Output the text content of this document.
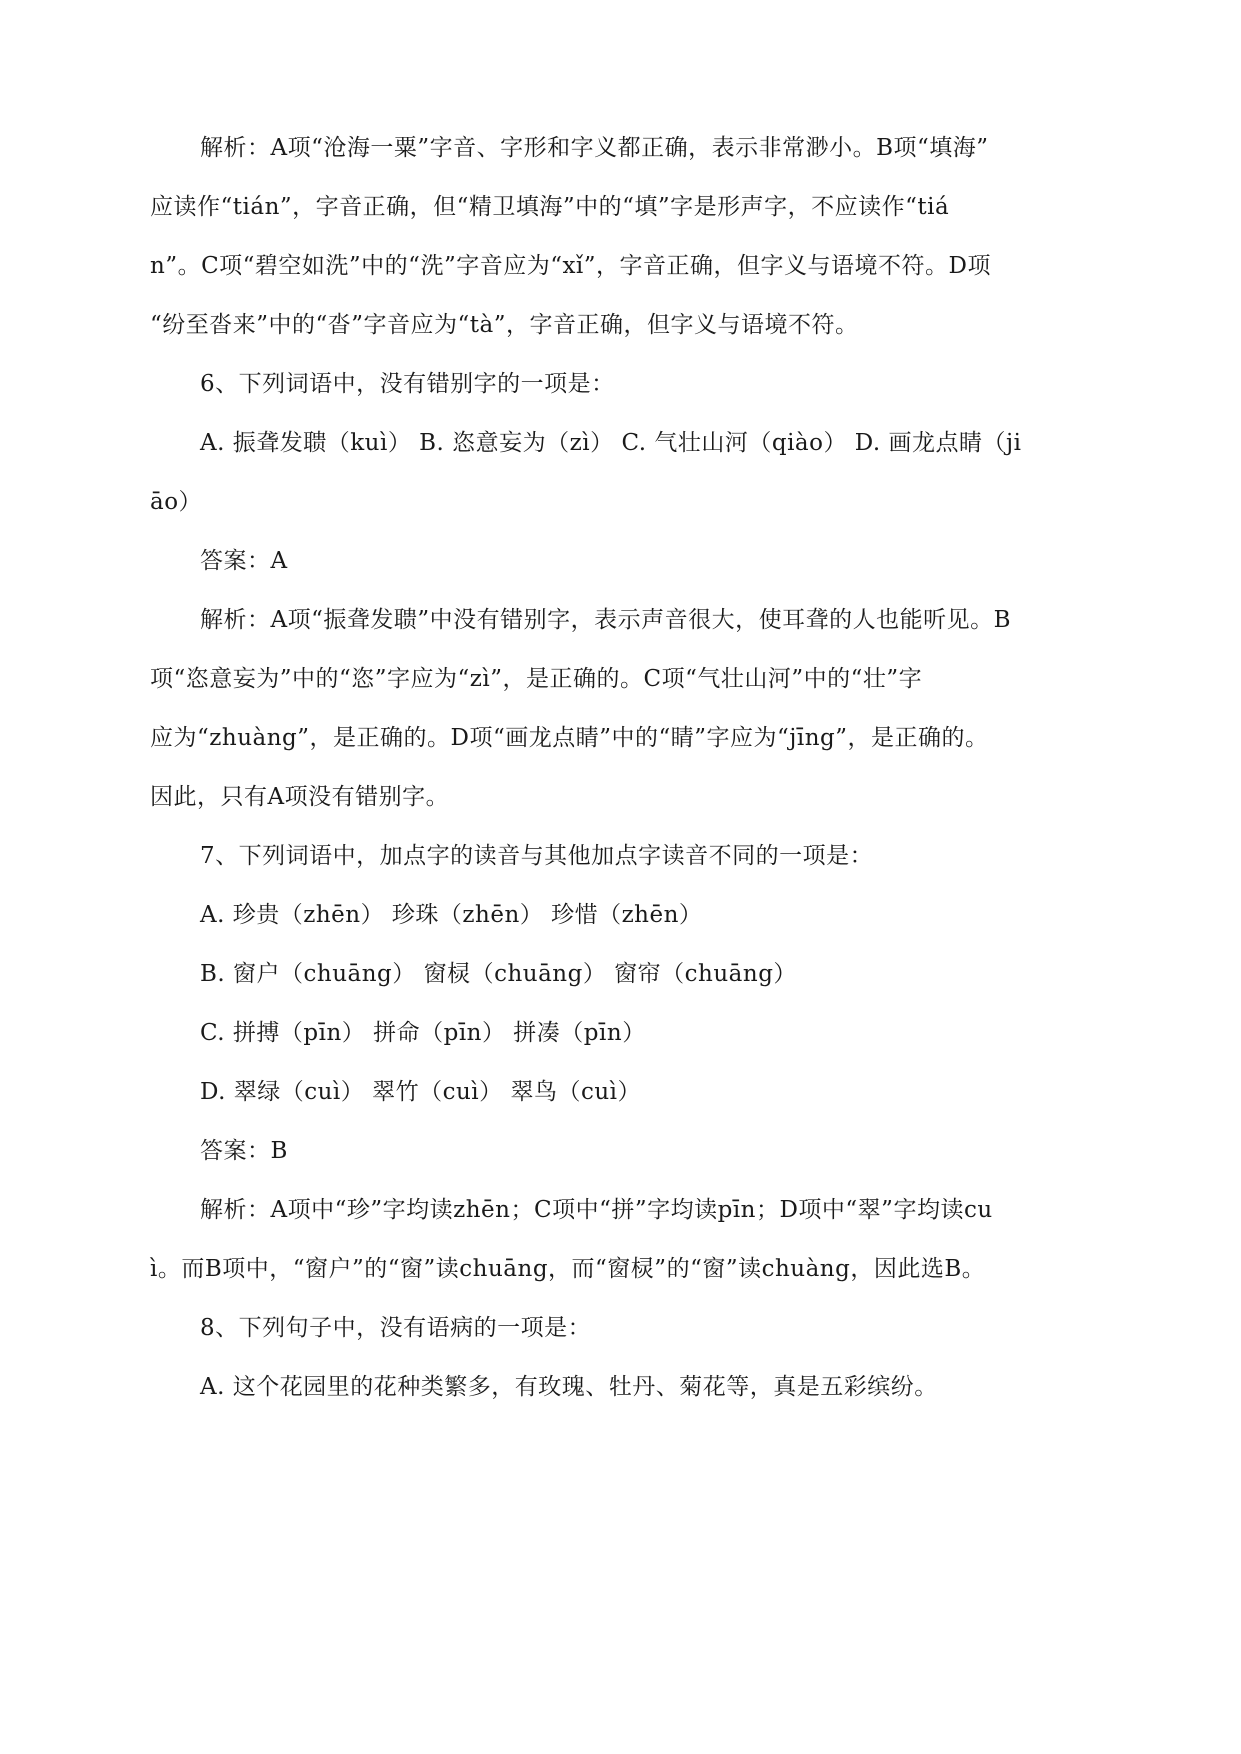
解析：A项“沧海一粟”字音、字形和字义都正确，表示非常渺小。B项“填海”
应读作“tián”，字音正确，但“精卫填海”中的“填”字是形声字，不应读作“tiá
n”。C项“碧空如洗”中的“洗”字音应为“xǐ”，字音正确，但字义与语境不符。D项
“纷至沓来”中的“沓”字音应为“tà”，字音正确，但字义与语境不符。
6、下列词语中，没有错别字的一项是：
A. 振聋发聩（kuì） B. 恣意妄为（zì） C. 气壮山河（qiào） D. 画龙点睛（ji
āo）
答案：A
解析：A项“振聋发聩”中没有错别字，表示声音很大，使耳聋的人也能听见。B
项“恣意妄为”中的“恣”字应为“zì”，是正确的。C项“气壮山河”中的“壮”字
应为“zhuàng”，是正确的。D项“画龙点睛”中的“睛”字应为“jīng”，是正确的。
因此，只有A项没有错别字。
7、下列词语中，加点字的读音与其他加点字读音不同的一项是：
A. 珍贵（zhēn） 珍珠（zhēn） 珍惜（zhēn）
B. 窗户（chuāng） 窗棂（chuāng） 窗帘（chuāng）
C. 拼搏（pīn） 拼命（pīn） 拼凑（pīn）
D. 翠绿（cuì） 翠竹（cuì） 翠鸟（cuì）
答案：B
解析：A项中“珍”字均读zhēn；C项中“拼”字均读pīn；D项中“翠”字均读cu
ì。而B项中，“窗户”的“窗”读chuāng，而“窗棂”的“窗”读chuàng，因此选B。
8、下列句子中，没有语病的一项是：
A. 这个花园里的花种类繁多，有玫瑰、牡丹、菊花等，真是五彩缤纷。
